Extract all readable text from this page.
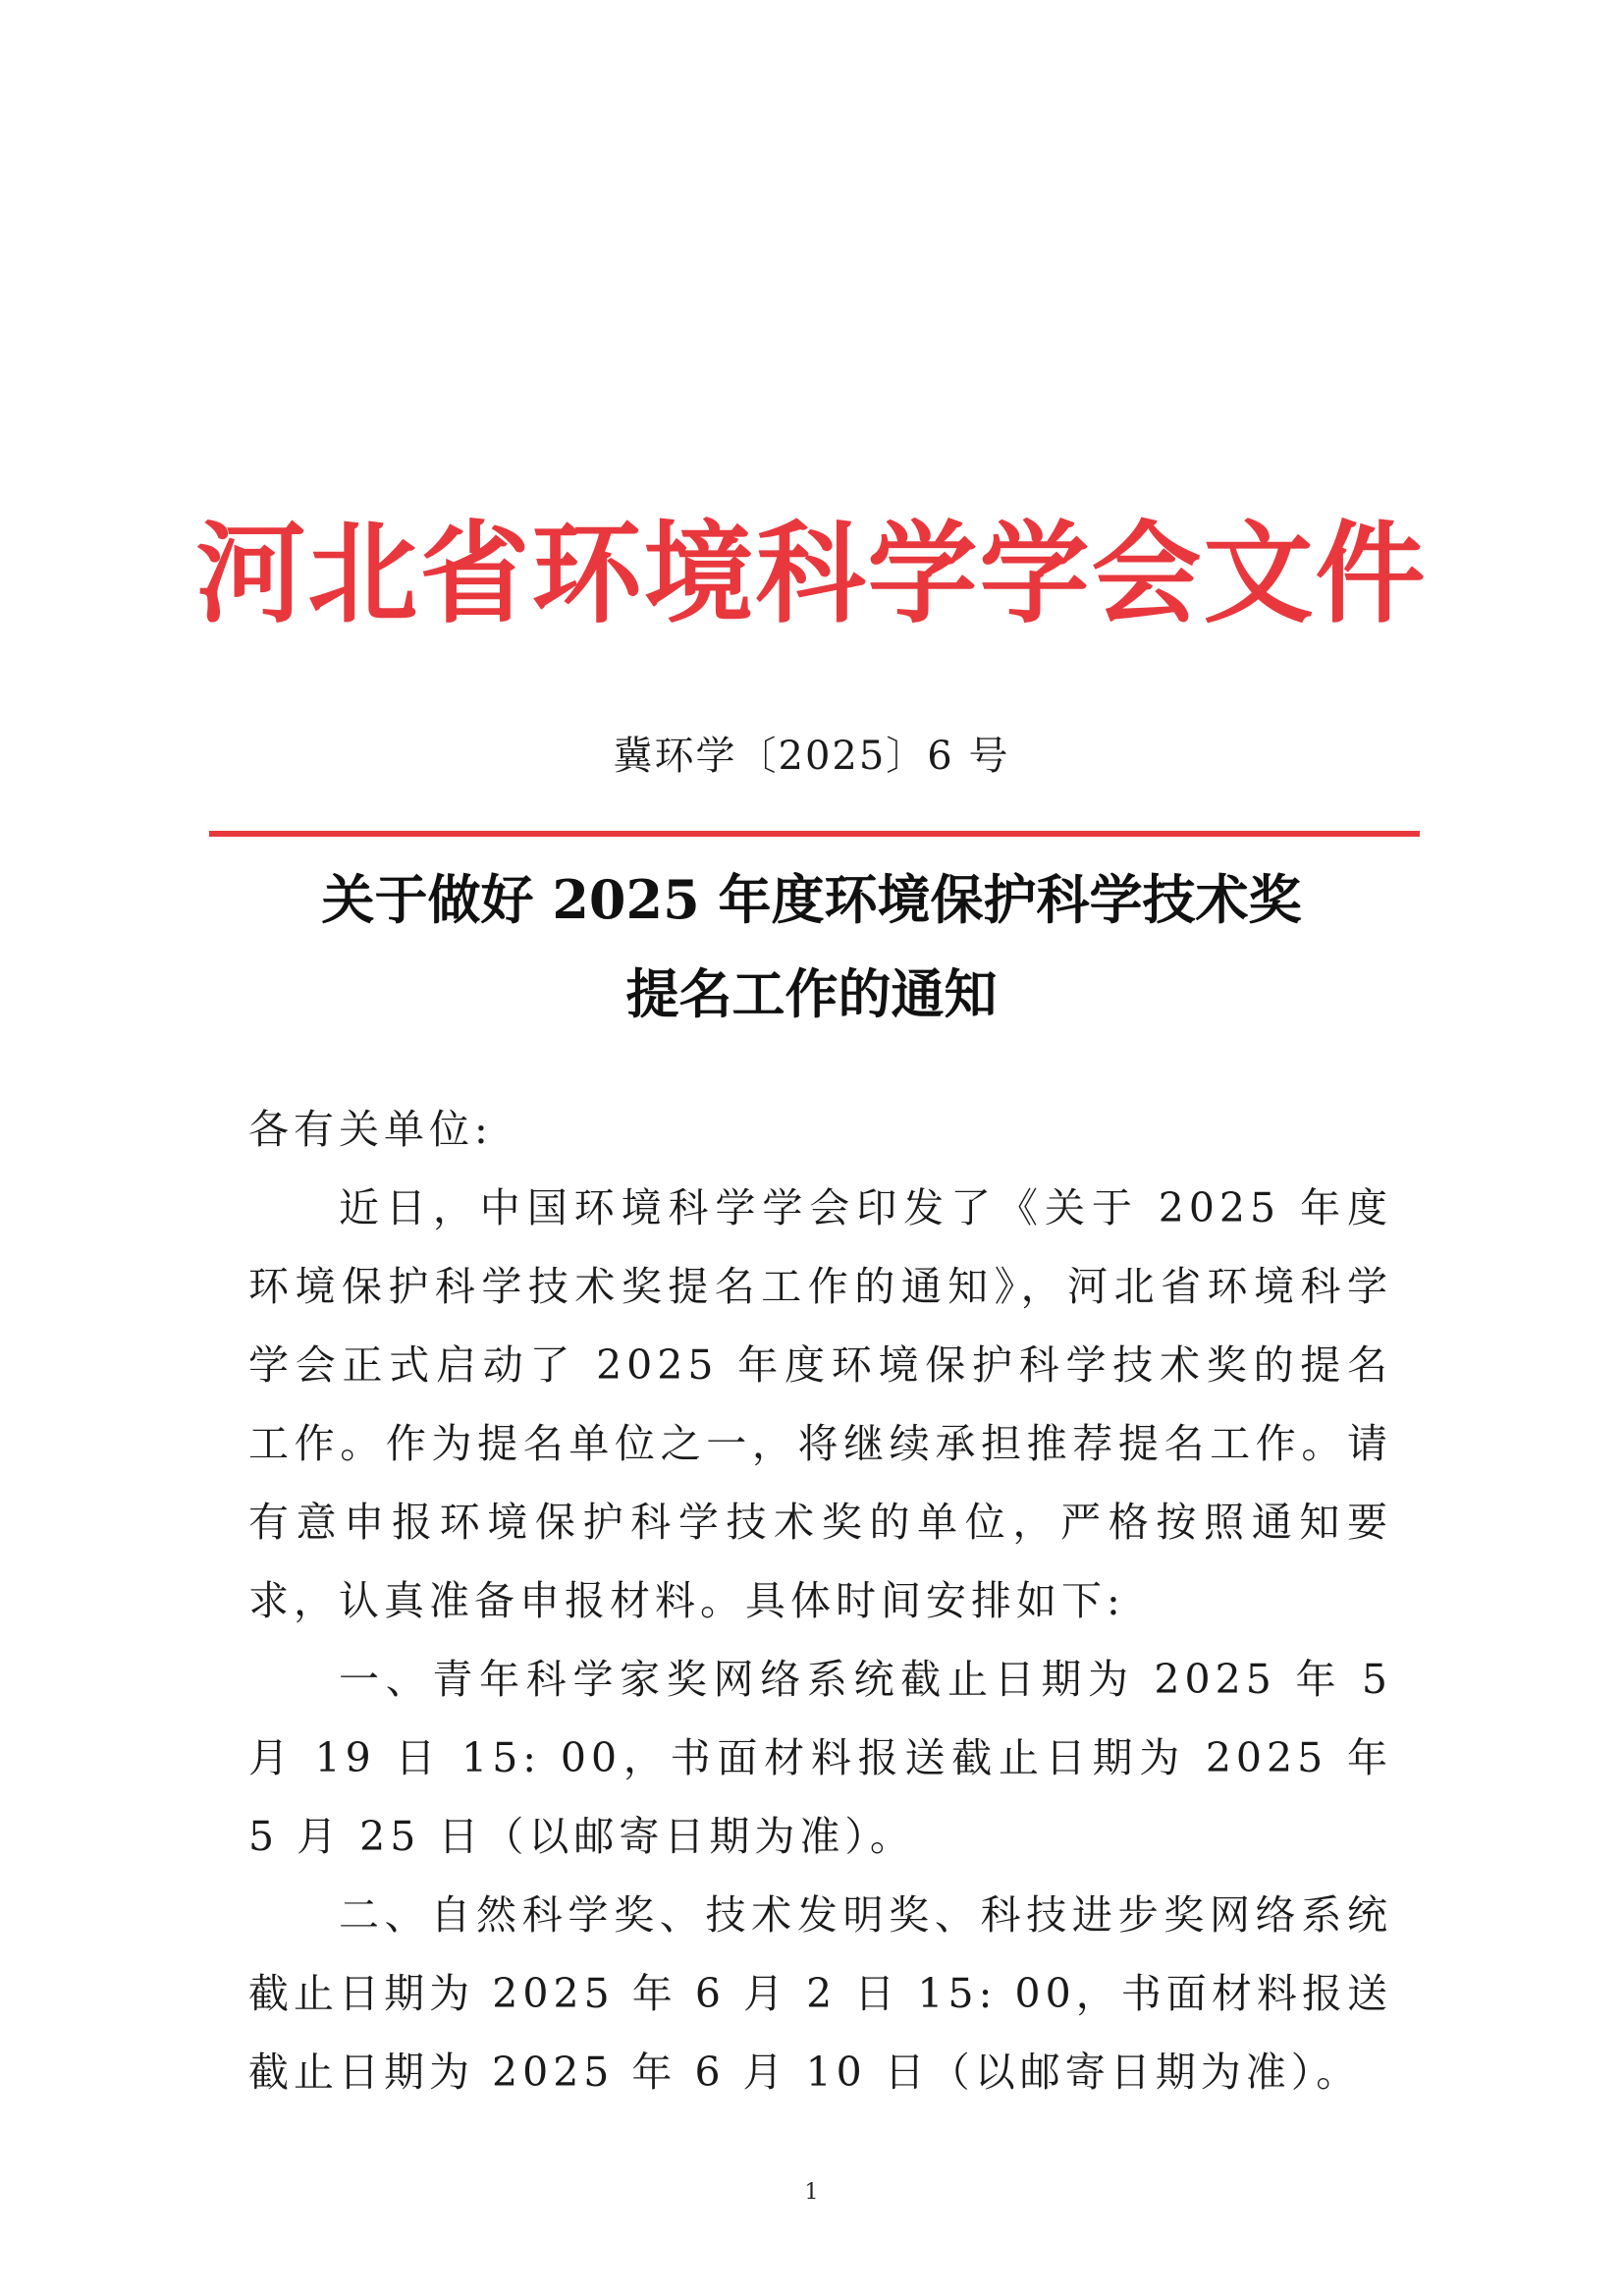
河北省环境科学学会文件
冀环学〔2025〕6 号
关于做好 2025 年度环境保护科学技术奖
提名工作的通知

各有关单位:

近日，中国环境科学学会印发了《关于 2025 年度环境保护科学技术奖提名工作的通知》，河北省环境科学学会正式启动了 2025 年度环境保护科学技术奖的提名工作。作为提名单位之一，将继续承担推荐提名工作。请有意申报环境保护科学技术奖的单位，严格按照通知要求，认真准备申报材料。具体时间安排如下:

一、青年科学家奖网络系统截止日期为 2025 年 5 月 19 日 15: 00，书面材料报送截止日期为 2025 年 5 月 25 日（以邮寄日期为准）。

二、自然科学奖、技术发明奖、科技进步奖网络系统截止日期为 2025 年 6 月 2 日 15: 00，书面材料报送截止日期为 2025 年 6 月 10 日（以邮寄日期为准）。

1
